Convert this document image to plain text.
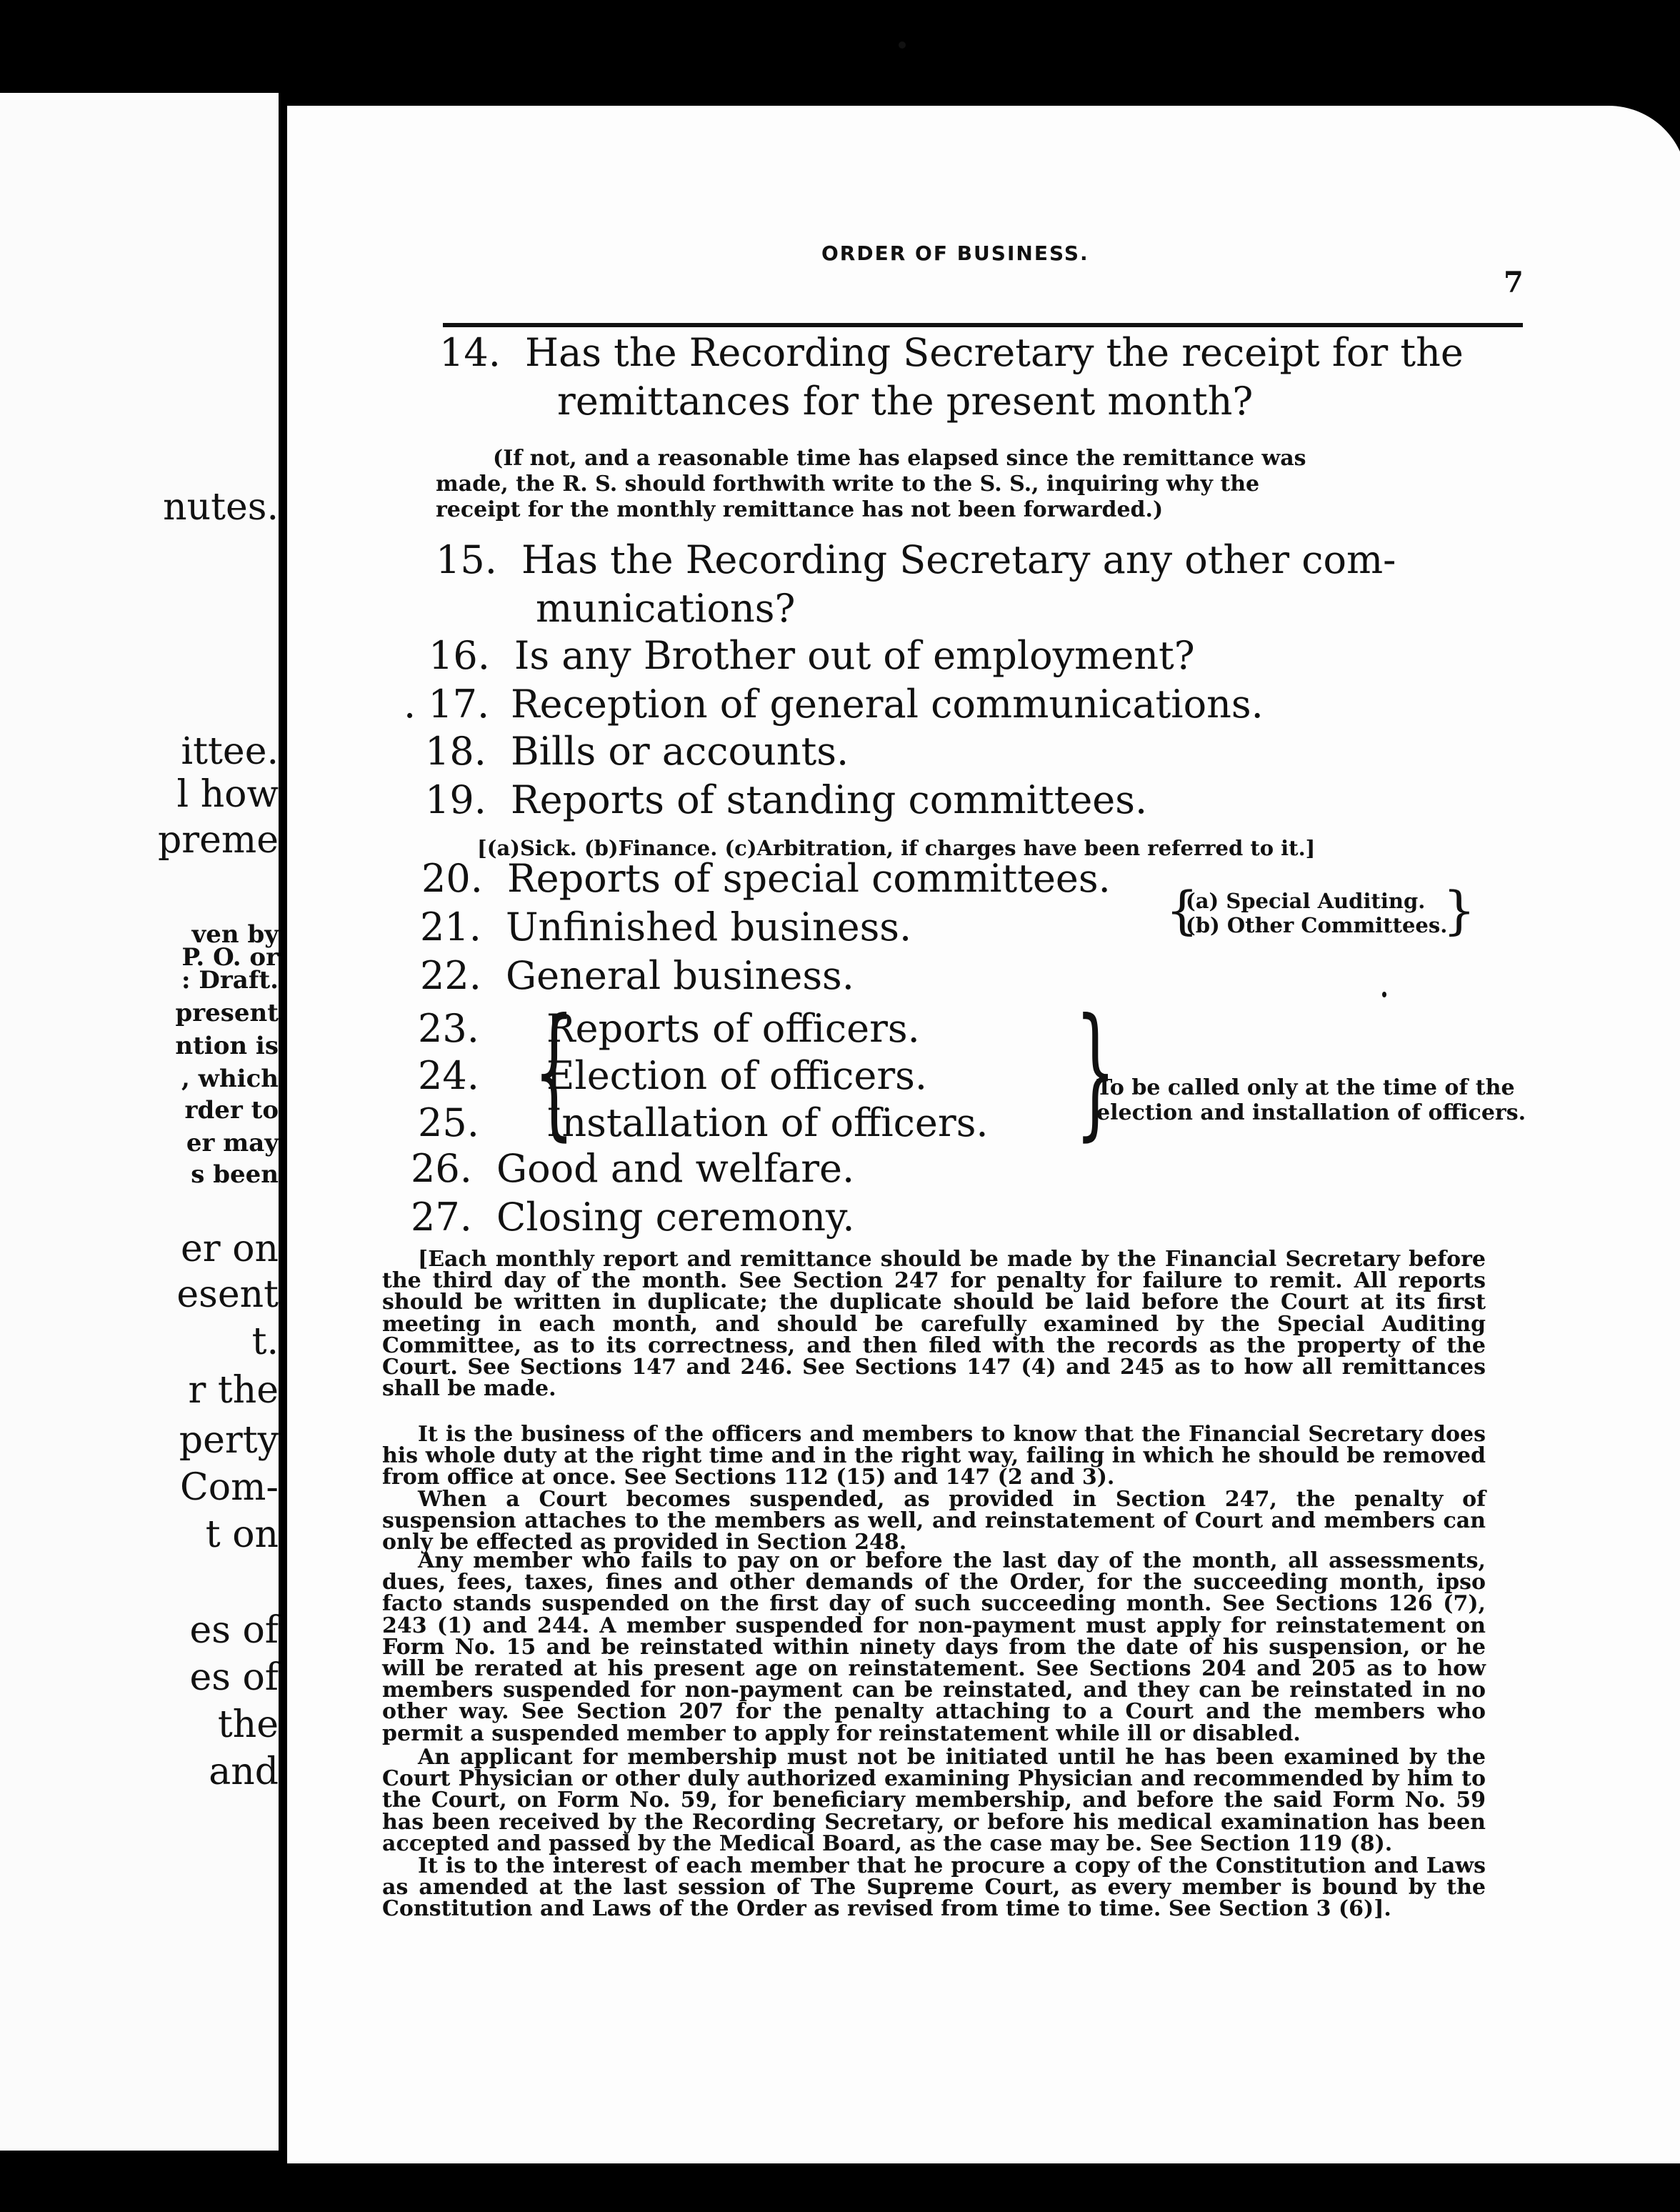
nutes.
ittee.
l how
preme
ven by
P. O. or
: Draft.
present
ntion is
, which
rder to
er may
s been
er on
esent
t.
r the
perty
Com-
t on
es of
es of
the
and
ORDER OF BUSINESS.
7
14. Has the Recording Secretary the receipt for the
remittances for the present month?
(If not, and a reasonable time has elapsed since the remittance was
made, the R. S. should forthwith write to the S. S., inquiring why the
receipt for the monthly remittance has not been forwarded.)
15. Has the Recording Secretary any other com-
munications?
16. Is any Brother out of employment?
. 17. Reception of general communications.
18. Bills or accounts.
19. Reports of standing committees.
[(a)Sick. (b)Finance. (c)Arbitration, if charges have been referred to it.]
20. Reports of special committees.
{
(a) Special Auditing.
(b) Other Committees.
}
21. Unfinished business.
22. General business.
23. Reports of officers.
24. Election of officers.
25. Installation of officers.
{	}
To be called only at the time of the
election and installation of officers.
26. Good and welfare.
27. Closing ceremony.
[Each monthly report and remittance should be made by the Financial Secretary before the third day of the month. See Section 247 for penalty for failure to remit. All reports should be written in duplicate; the duplicate should be laid before the Court at its first meeting in each month, and should be carefully examined by the Special Auditing Committee, as to its correctness, and then filed with the records as the property of the Court. See Sections 147 and 246. See Sections 147 (4) and 245 as to how all remittances shall be made.
It is the business of the officers and members to know that the Financial Secretary does his whole duty at the right time and in the right way, failing in which he should be removed from office at once. See Sections 112 (15) and 147 (2 and 3).
When a Court becomes suspended, as provided in Section 247, the penalty of suspension attaches to the members as well, and reinstatement of Court and members can only be effected as provided in Section 248.
Any member who fails to pay on or before the last day of the month, all assessments, dues, fees, taxes, fines and other demands of the Order, for the succeeding month, ipso facto stands suspended on the first day of such succeeding month. See Sections 126 (7), 243 (1) and 244. A member suspended for non-payment must apply for reinstatement on Form No. 15 and be reinstated within ninety days from the date of his suspension, or he will be rerated at his present age on reinstatement. See Sections 204 and 205 as to how members suspended for non-payment can be reinstated, and they can be reinstated in no other way. See Section 207 for the penalty attaching to a Court and the members who permit a suspended member to apply for reinstatement while ill or disabled.
An applicant for membership must not be initiated until he has been examined by the Court Physician or other duly authorized examining Physician and recommended by him to the Court, on Form No. 59, for beneficiary membership, and before the said Form No. 59 has been received by the Recording Secretary, or before his medical examination has been accepted and passed by the Medical Board, as the case may be. See Section 119 (8).
It is to the interest of each member that he procure a copy of the Constitution and Laws as amended at the last session of The Supreme Court, as every member is bound by the Constitution and Laws of the Order as revised from time to time. See Section 3 (6)].
